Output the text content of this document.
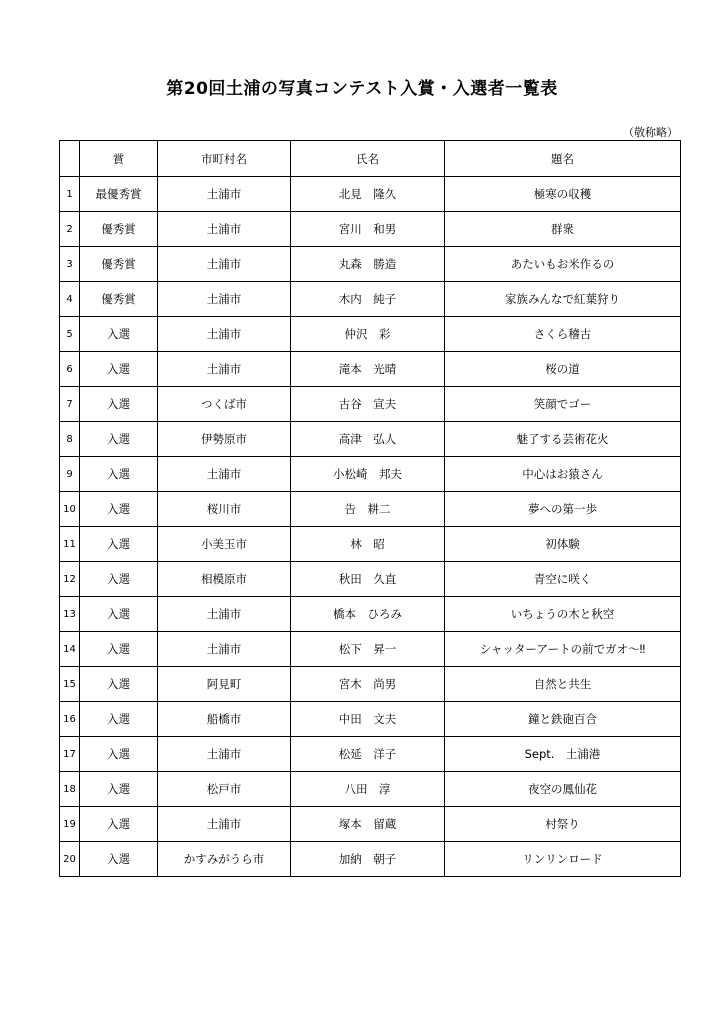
第20回土浦の写真コンテスト入賞・入選者一覧表
（敬称略）
	賞	市町村名	氏名	題名
1	最優秀賞	土浦市	北見　隆久	極寒の収穫
2	優秀賞	土浦市	宮川　和男	群衆
3	優秀賞	土浦市	丸森　勝造	あたいもお米作るの
4	優秀賞	土浦市	木内　純子	家族みんなで紅葉狩り
5	入選	土浦市	仲沢　彩	さくら稽古
6	入選	土浦市	滝本　光晴	桜の道
7	入選	つくば市	古谷　宣夫	笑顔でゴー
8	入選	伊勢原市	高津　弘人	魅了する芸術花火
9	入選	土浦市	小松崎　邦夫	中心はお猿さん
10	入選	桜川市	告　耕二	夢への第一歩
11	入選	小美玉市	林　昭	初体験
12	入選	相模原市	秋田　久直	青空に咲く
13	入選	土浦市	橋本　ひろみ	いちょうの木と秋空
14	入選	土浦市	松下　昇一	シャッターアートの前でガオ～‼
15	入選	阿見町	宮木　尚男	自然と共生
16	入選	船橋市	中田　文夫	鐘と鉄砲百合
17	入選	土浦市	松延　洋子	Sept.　土浦港
18	入選	松戸市	八田　淳	夜空の鳳仙花
19	入選	土浦市	塚本　留蔵	村祭り
20	入選	かすみがうら市	加納　朝子	リンリンロード
